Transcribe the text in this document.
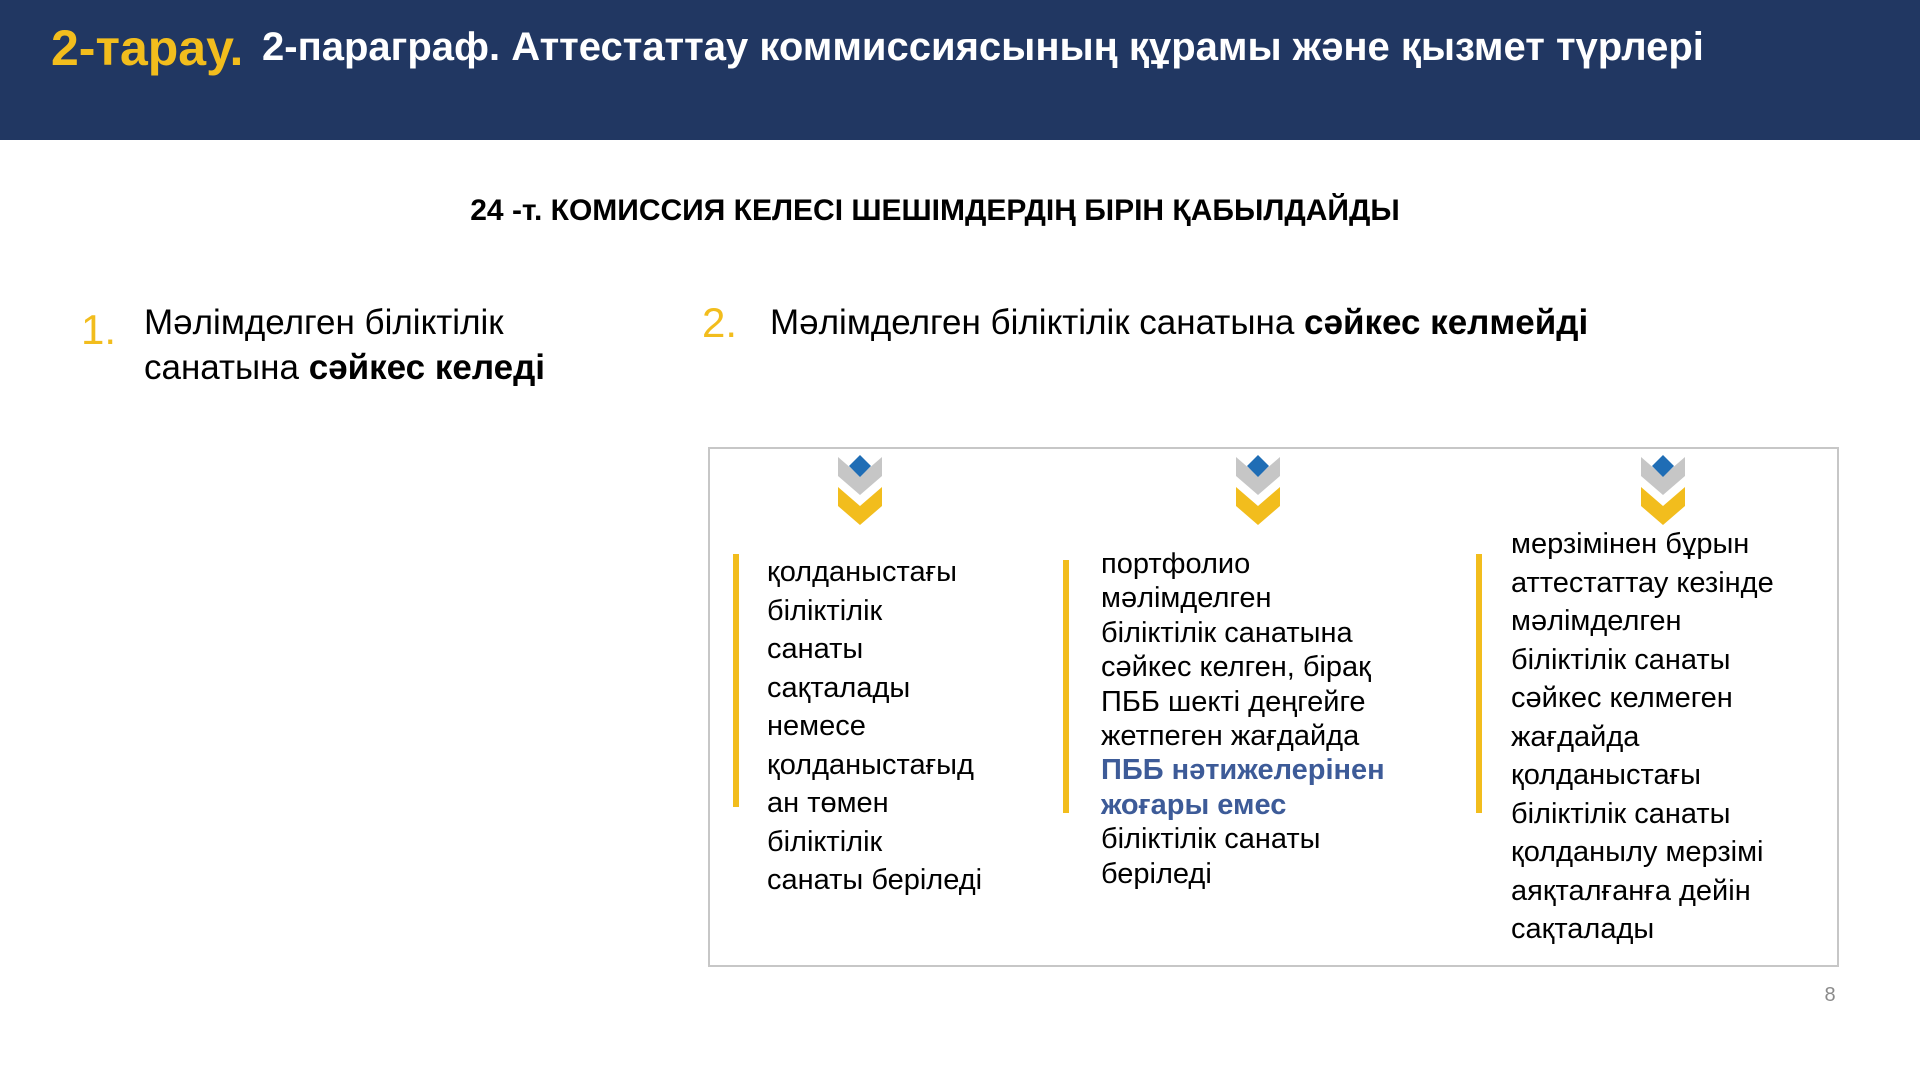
2-тарау. 2-параграф. Аттестаттау коммиссиясының құрамы және қызмет түрлері
24 -т. КОМИССИЯ КЕЛЕСІ ШЕШІМДЕРДІҢ БІРІН ҚАБЫЛДАЙДЫ
1. Мәлімделген біліктілік
санатына сәйкес келеді
2. Мәлімделген біліктілік санатына сәйкес келмейді
қолданыстағы
біліктілік
санаты
сақталады
немесе
қолданыстағыд
ан төмен
біліктілік
санаты беріледі
портфолио
мәлімделген
біліктілік санатына
сәйкес келген, бірақ
ПББ шекті деңгейге
жетпеген жағдайда
ПББ нәтижелерінен
жоғары емес
біліктілік санаты
беріледі
мерзімінен бұрын
аттестаттау кезінде
мәлімделген
біліктілік санаты
сәйкес келмеген
жағдайда
қолданыстағы
біліктілік санаты
қолданылу мерзімі
аяқталғанға дейін
сақталады
8
